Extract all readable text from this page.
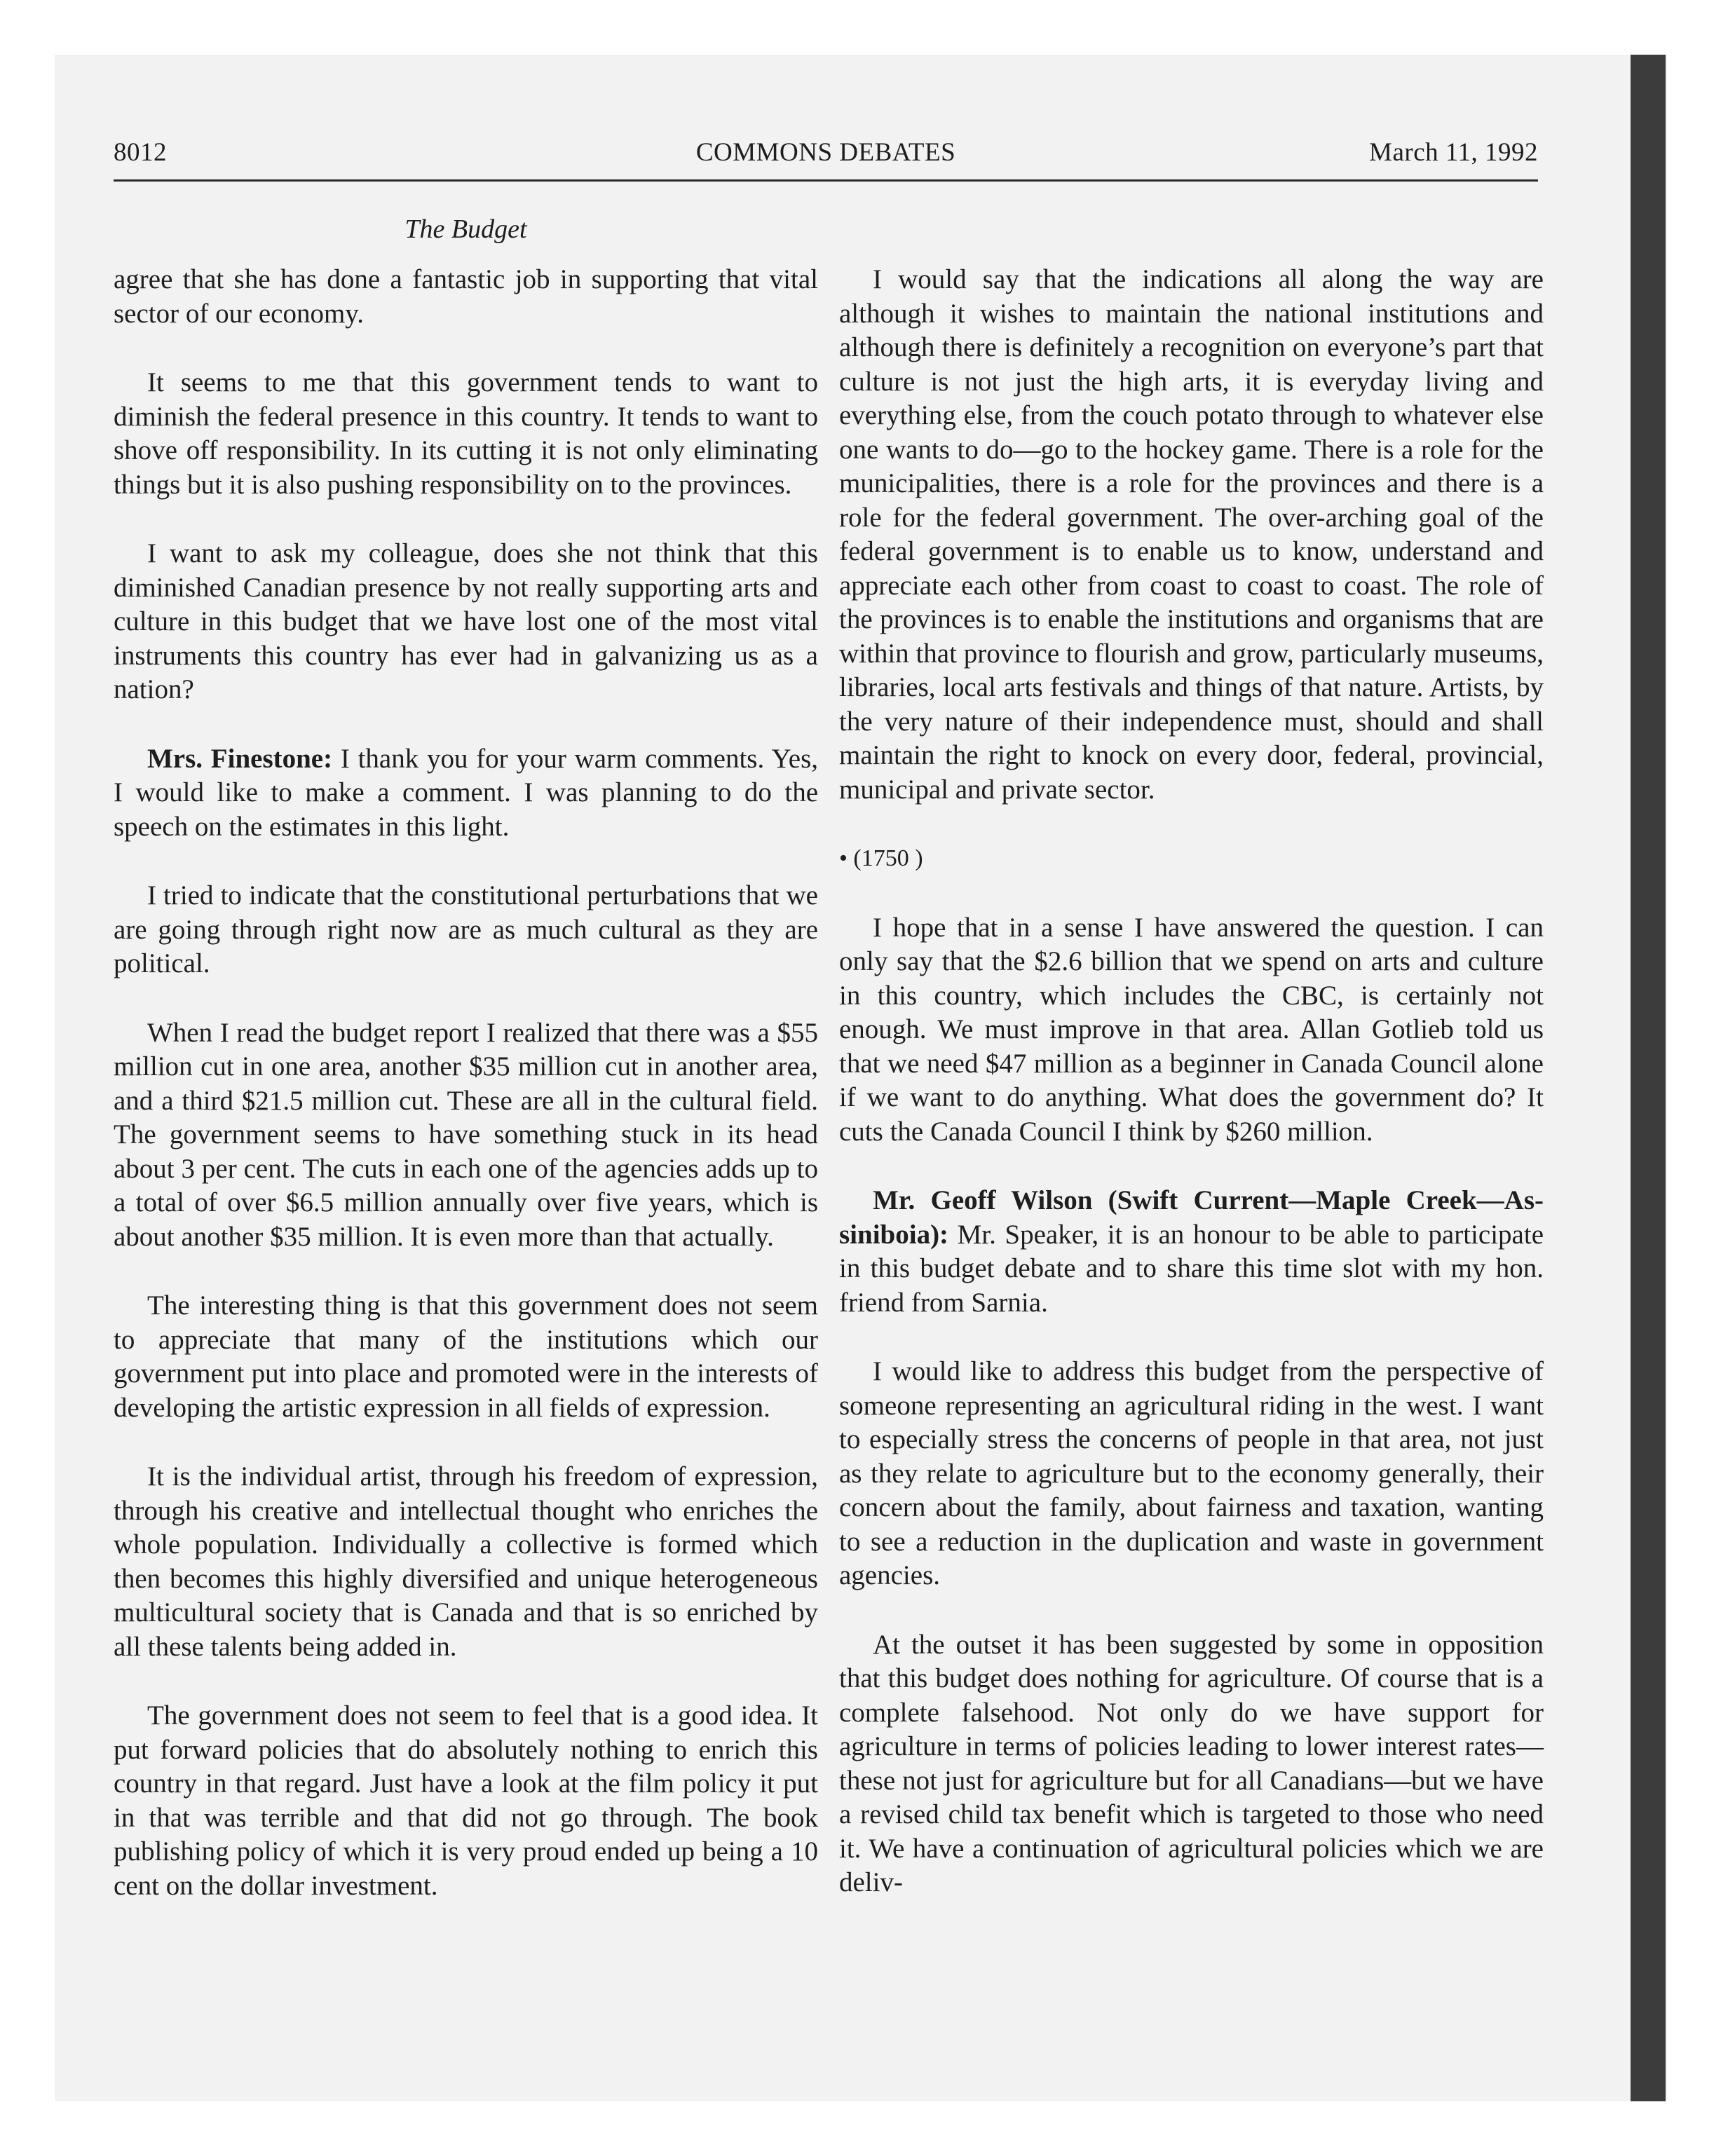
8012	COMMONS DEBATES	March 11, 1992
The Budget

agree that she has done a fantastic job in supporting that vital sector of our economy.

It seems to me that this government tends to want to diminish the federal presence in this country. It tends to want to shove off responsibility. In its cutting it is not only eliminating things but it is also pushing responsibility on to the provinces.

I want to ask my colleague, does she not think that this diminished Canadian presence by not really supporting arts and culture in this budget that we have lost one of the most vital instruments this country has ever had in galvanizing us as a nation?

Mrs. Finestone: I thank you for your warm comments. Yes, I would like to make a comment. I was planning to do the speech on the estimates in this light.

I tried to indicate that the constitutional perturbations that we are going through right now are as much cultural as they are political.

When I read the budget report I realized that there was a $55 million cut in one area, another $35 million cut in another area, and a third $21.5 million cut. These are all in the cultural field. The government seems to have something stuck in its head about 3 per cent. The cuts in each one of the agencies adds up to a total of over $6.5 million annually over five years, which is about another $35 million. It is even more than that actually.

The interesting thing is that this government does not seem to appreciate that many of the institutions which our government put into place and promoted were in the interests of developing the artistic expression in all fields of expression.

It is the individual artist, through his freedom of expression, through his creative and intellectual thought who enriches the whole population. Individually a collective is formed which then becomes this highly diversified and unique heterogeneous multicultural society that is Canada and that is so enriched by all these talents being added in.

The government does not seem to feel that is a good idea. It put forward policies that do absolutely nothing to enrich this country in that regard. Just have a look at the film policy it put in that was terrible and that did not go through. The book publishing policy of which it is very proud ended up being a 10 cent on the dollar investment.

I would say that the indications all along the way are although it wishes to maintain the national institutions and although there is definitely a recognition on everyone’s part that culture is not just the high arts, it is everyday living and everything else, from the couch potato through to whatever else one wants to do—go to the hockey game. There is a role for the municipalities, there is a role for the provinces and there is a role for the federal government. The over-arching goal of the federal government is to enable us to know, understand and appreciate each other from coast to coast to coast. The role of the provinces is to enable the institutions and organisms that are within that province to flourish and grow, particularly museums, libraries, local arts festivals and things of that nature. Artists, by the very nature of their independence must, should and shall maintain the right to knock on every door, federal, provincial, municipal and private sector.

• (1750 )

I hope that in a sense I have answered the question. I can only say that the $2.6 billion that we spend on arts and culture in this country, which includes the CBC, is certainly not enough. We must improve in that area. Allan Gotlieb told us that we need $47 million as a beginner in Canada Council alone if we want to do anything. What does the government do? It cuts the Canada Council I think by $260 million.

Mr. Geoff Wilson (Swift Current—Maple Creek—Assiniboia): Mr. Speaker, it is an honour to be able to participate in this budget debate and to share this time slot with my hon. friend from Sarnia.

I would like to address this budget from the perspective of someone representing an agricultural riding in the west. I want to especially stress the concerns of people in that area, not just as they relate to agriculture but to the economy generally, their concern about the family, about fairness and taxation, wanting to see a reduction in the duplication and waste in government agencies.

At the outset it has been suggested by some in opposition that this budget does nothing for agriculture. Of course that is a complete falsehood. Not only do we have support for agriculture in terms of policies leading to lower interest rates—these not just for agriculture but for all Canadians—but we have a revised child tax benefit which is targeted to those who need it. We have a continuation of agricultural policies which we are deliv-
